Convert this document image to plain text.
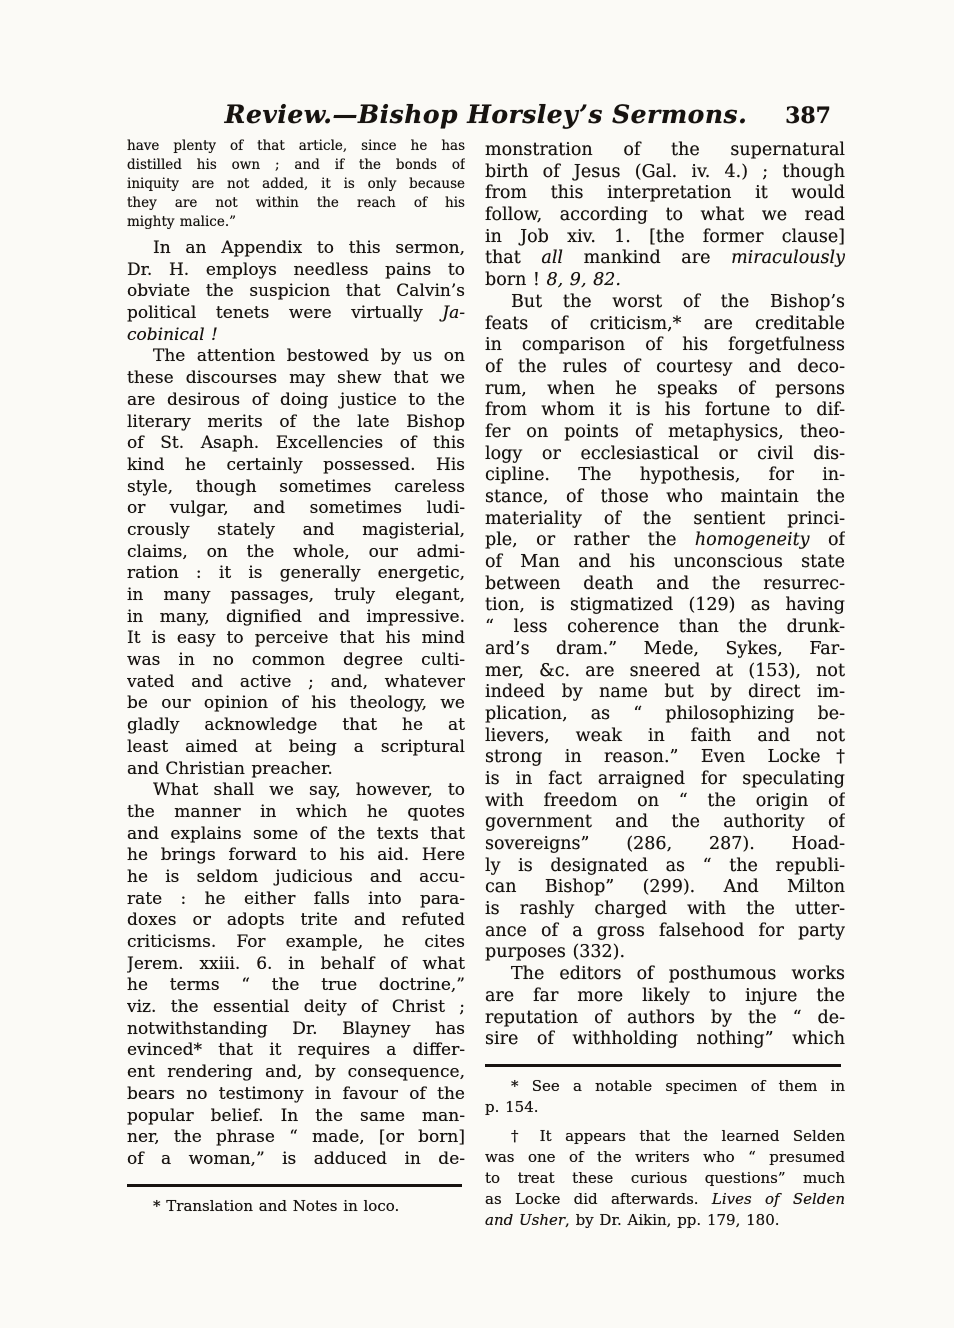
Review.—Bishop Horsley’s Sermons.	387
have plenty of that article, since he has
distilled his own ; and if the bonds of
iniquity are not added, it is only because
they are not within the reach of his
mighty malice.”
In an Appendix to this sermon,
Dr. H. employs needless pains to
obviate the suspicion that Calvin’s
political tenets were virtually Ja-
cobinical !
The attention bestowed by us on
these discourses may shew that we
are desirous of doing justice to the
literary merits of the late Bishop
of St. Asaph. Excellencies of this
kind he certainly possessed. His
style, though sometimes careless
or vulgar, and sometimes ludi-
crously stately and magisterial,
claims, on the whole, our admi-
ration : it is generally energetic,
in many passages, truly elegant,
in many, dignified and impressive.
It is easy to perceive that his mind
was in no common degree culti-
vated and active ; and, whatever
be our opinion of his theology, we
gladly acknowledge that he at
least aimed at being a scriptural
and Christian preacher.
What shall we say, however, to
the manner in which he quotes
and explains some of the texts that
he brings forward to his aid. Here
he is seldom judicious and accu-
rate : he either falls into para-
doxes or adopts trite and refuted
criticisms. For example, he cites
Jerem. xxiii. 6. in behalf of what
he terms “ the true doctrine,”
viz. the essential deity of Christ ;
notwithstanding Dr. Blayney has
evinced* that it requires a differ-
ent rendering and, by consequence,
bears no testimony in favour of the
popular belief. In the same man-
ner, the phrase “ made, [or born]
of a woman,” is adduced in de-
* Translation and Notes in loco.
monstration of the supernatural
birth of Jesus (Gal. iv. 4.) ; though
from this interpretation it would
follow, according to what we read
in Job xiv. 1. [the former clause]
that all mankind are miraculously
born ! 8, 9, 82.
But the worst of the Bishop’s
feats of criticism,* are creditable
in comparison of his forgetfulness
of the rules of courtesy and deco-
rum, when he speaks of persons
from whom it is his fortune to dif-
fer on points of metaphysics, theo-
logy or ecclesiastical or civil dis-
cipline. The hypothesis, for in-
stance, of those who maintain the
materiality of the sentient princi-
ple, or rather the homogeneity of
of Man and his unconscious state
between death and the resurrec-
tion, is stigmatized (129) as having
“ less coherence than the drunk-
ard’s dram.” Mede, Sykes, Far-
mer, &c. are sneered at (153), not
indeed by name but by direct im-
plication, as “ philosophizing be-
lievers, weak in faith and not
strong in reason.” Even Locke†
is in fact arraigned for speculating
with freedom on “ the origin of
government and the authority of
sovereigns” (286, 287). Hoad-
ly is designated as “ the republi-
can Bishop” (299). And Milton
is rashly charged with the utter-
ance of a gross falsehood for party
purposes (332).
The editors of posthumous works
are far more likely to injure the
reputation of authors by the “ de-
sire of withholding nothing” which
* See a notable specimen of them in
p. 154.
† It appears that the learned Selden
was one of the writers who “ presumed
to treat these curious questions” much
as Locke did afterwards. Lives of Selden
and Usher, by Dr. Aikin, pp. 179, 180.
